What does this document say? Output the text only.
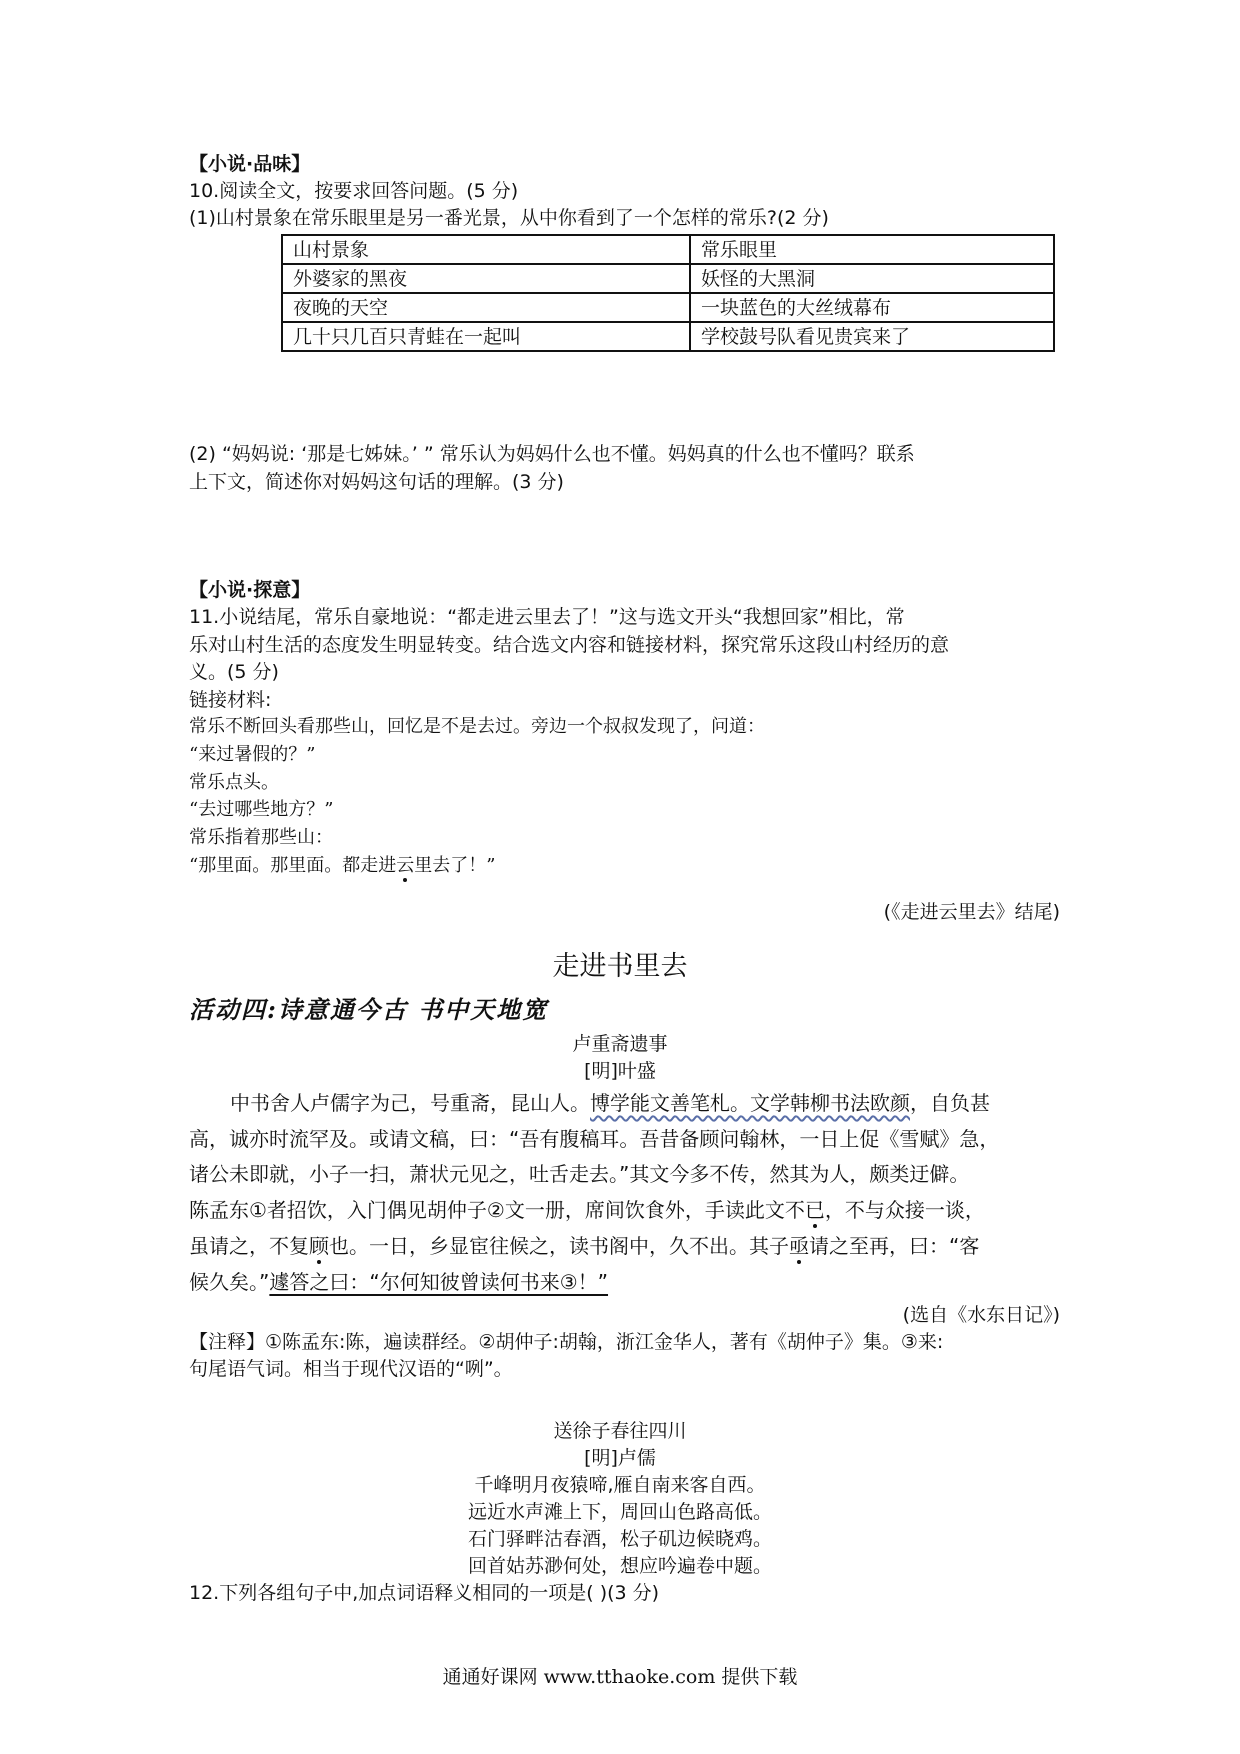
【小说·品味】
10.阅读全文，按要求回答问题。(5 分)
(1)山村景象在常乐眼里是另一番光景，从中你看到了一个怎样的常乐?(2 分)
山村景象	常乐眼里
外婆家的黑夜	妖怪的大黑洞
夜晚的天空	一块蓝色的大丝绒幕布
几十只几百只青蛙在一起叫	学校鼓号队看见贵宾来了
(2) “妈妈说: ‘那是七姊妹。’ ” 常乐认为妈妈什么也不懂。妈妈真的什么也不懂吗？联系
上下文，简述你对妈妈这句话的理解。(3 分)
【小说·探意】
11.小说结尾，常乐自豪地说：“都走进云里去了！”这与选文开头“我想回家”相比，常
乐对山村生活的态度发生明显转变。结合选文内容和链接材料，探究常乐这段山村经历的意
义。(5 分)
链接材料:
常乐不断回头看那些山，回忆是不是去过。旁边一个叔叔发现了，问道：
“来过暑假的？”
常乐点头。
“去过哪些地方？”
常乐指着那些山：
“那里面。那里面。都走进云里去了！”
(《走进云里去》结尾)
走进书里去
活动四:诗意通今古 书中天地宽
卢重斋遗事
[明]叶盛
中书舍人卢儒字为己，号重斋，昆山人。博学能文善笔札。文学韩柳书法欧颜，自负甚
高，诚亦时流罕及。或请文稿，曰：“吾有腹稿耳。吾昔备顾问翰林，一日上促《雪赋》急，
诸公未即就，小子一扫，萧状元见之，吐舌走去。”其文今多不传，然其为人，颇类迂僻。
陈孟东①者招饮，入门偶见胡仲子②文一册，席间饮食外，手读此文不已，不与众接一谈，
虽请之，不复顾也。一日，乡显宦往候之，读书阁中，久不出。其子亟请之至再，曰：“客
候久矣。”遽答之曰：“尔何知彼曾读何书来③！”
(选自《水东日记》)
【注释】①陈孟东:陈，遍读群经。②胡仲子:胡翰，浙江金华人，著有《胡仲子》集。③来:
句尾语气词。相当于现代汉语的“咧”。
送徐子春往四川
[明]卢儒
千峰明月夜猿啼,雁自南来客自西。
远近水声滩上下，周回山色路高低。
石门驿畔沽春酒，松子矶边候晓鸡。
回首姑苏渺何处，想应吟遍卷中题。
12.下列各组句子中,加点词语释义相同的一项是( )(3 分)
通通好课网 www.tthaoke.com 提供下载
